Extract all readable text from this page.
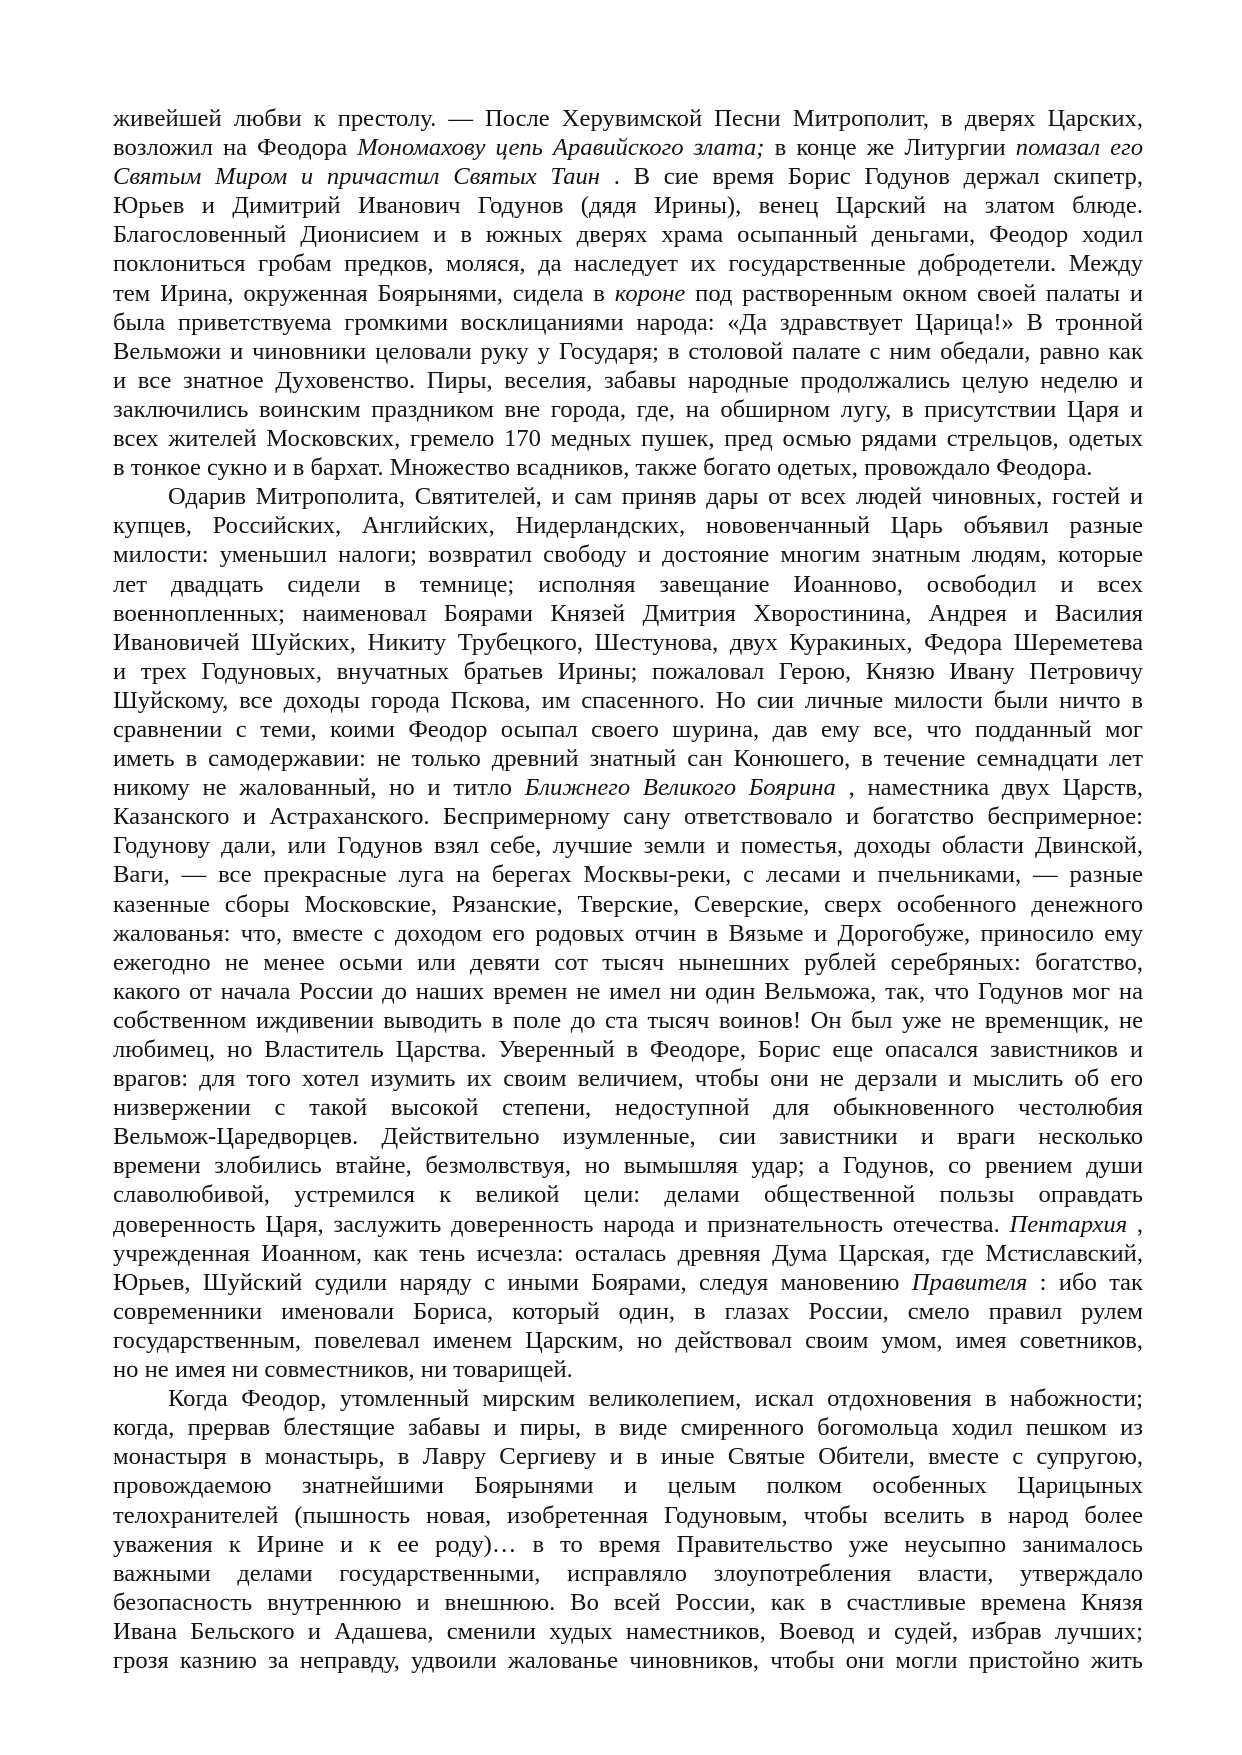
живейшей любви к престолу. — После Херувимской Песни Митрополит, в дверях Царских,
возложил на Феодора Мономахову цепь Аравийского злата; в конце же Литургии помазал его
Святым Миром и причастил Святых Таин . В сие время Борис Годунов держал скипетр,
Юрьев и Димитрий Иванович Годунов (дядя Ирины), венец Царский на златом блюде.
Благословенный Дионисием и в южных дверях храма осыпанный деньгами, Феодор ходил
поклониться гробам предков, моляся, да наследует их государственные добродетели. Между
тем Ирина, окруженная Боярынями, сидела в короне под растворенным окном своей палаты и
была приветствуема громкими восклицаниями народа: «Да здравствует Царица!» В тронной
Вельможи и чиновники целовали руку у Государя; в столовой палате с ним обедали, равно как
и все знатное Духовенство. Пиры, веселия, забавы народные продолжались целую неделю и
заключились воинским праздником вне города, где, на обширном лугу, в присутствии Царя и
всех жителей Московских, гремело 170 медных пушек, пред осмью рядами стрельцов, одетых
в тонкое сукно и в бархат. Множество всадников, также богато одетых, провождало Феодора.
Одарив Митрополита, Святителей, и сам приняв дары от всех людей чиновных, гостей и
купцев, Российских, Английских, Нидерландских, нововенчанный Царь объявил разные
милости: уменьшил налоги; возвратил свободу и достояние многим знатным людям, которые
лет двадцать сидели в темнице; исполняя завещание Иоанново, освободил и всех
военнопленных; наименовал Боярами Князей Дмитрия Хворостинина, Андрея и Василия
Ивановичей Шуйских, Никиту Трубецкого, Шестунова, двух Куракиных, Федора Шереметева
и трех Годуновых, внучатных братьев Ирины; пожаловал Герою, Князю Ивану Петровичу
Шуйскому, все доходы города Пскова, им спасенного. Но сии личные милости были ничто в
сравнении с теми, коими Феодор осыпал своего шурина, дав ему все, что подданный мог
иметь в самодержавии: не только древний знатный сан Конюшего, в течение семнадцати лет
никому не жалованный, но и титло Ближнего Великого Боярина , наместника двух Царств,
Казанского и Астраханского. Беспримерному сану ответствовало и богатство беспримерное:
Годунову дали, или Годунов взял себе, лучшие земли и поместья, доходы области Двинской,
Ваги, — все прекрасные луга на берегах Москвы-реки, с лесами и пчельниками, — разные
казенные сборы Московские, Рязанские, Тверские, Северские, сверх особенного денежного
жалованья: что, вместе с доходом его родовых отчин в Вязьме и Дорогобуже, приносило ему
ежегодно не менее осьми или девяти сот тысяч нынешних рублей серебряных: богатство,
какого от начала России до наших времен не имел ни один Вельможа, так, что Годунов мог на
собственном иждивении выводить в поле до ста тысяч воинов! Он был уже не временщик, не
любимец, но Властитель Царства. Уверенный в Феодоре, Борис еще опасался завистников и
врагов: для того хотел изумить их своим величием, чтобы они не дерзали и мыслить об его
низвержении с такой высокой степени, недоступной для обыкновенного честолюбия
Вельмож-Царедворцев. Действительно изумленные, сии завистники и враги несколько
времени злобились втайне, безмолвствуя, но вымышляя удар; а Годунов, со рвением души
славолюбивой, устремился к великой цели: делами общественной пользы оправдать
доверенность Царя, заслужить доверенность народа и признательность отечества. Пентархия ,
учрежденная Иоанном, как тень исчезла: осталась древняя Дума Царская, где Мстиславский,
Юрьев, Шуйский судили наряду с иными Боярами, следуя мановению Правителя : ибо так
современники именовали Бориса, который один, в глазах России, смело правил рулем
государственным, повелевал именем Царским, но действовал своим умом, имея советников,
но не имея ни совместников, ни товарищей.
Когда Феодор, утомленный мирским великолепием, искал отдохновения в набожности;
когда, прервав блестящие забавы и пиры, в виде смиренного богомольца ходил пешком из
монастыря в монастырь, в Лавру Сергиеву и в иные Святые Обители, вместе с супругою,
провождаемою знатнейшими Боярынями и целым полком особенных Царицыных
телохранителей (пышность новая, изобретенная Годуновым, чтобы вселить в народ более
уважения к Ирине и к ее роду)… в то время Правительство уже неусыпно занималось
важными делами государственными, исправляло злоупотребления власти, утверждало
безопасность внутреннюю и внешнюю. Во всей России, как в счастливые времена Князя
Ивана Бельского и Адашева, сменили худых наместников, Воевод и судей, избрав лучших;
грозя казнию за неправду, удвоили жалованье чиновников, чтобы они могли пристойно жить
